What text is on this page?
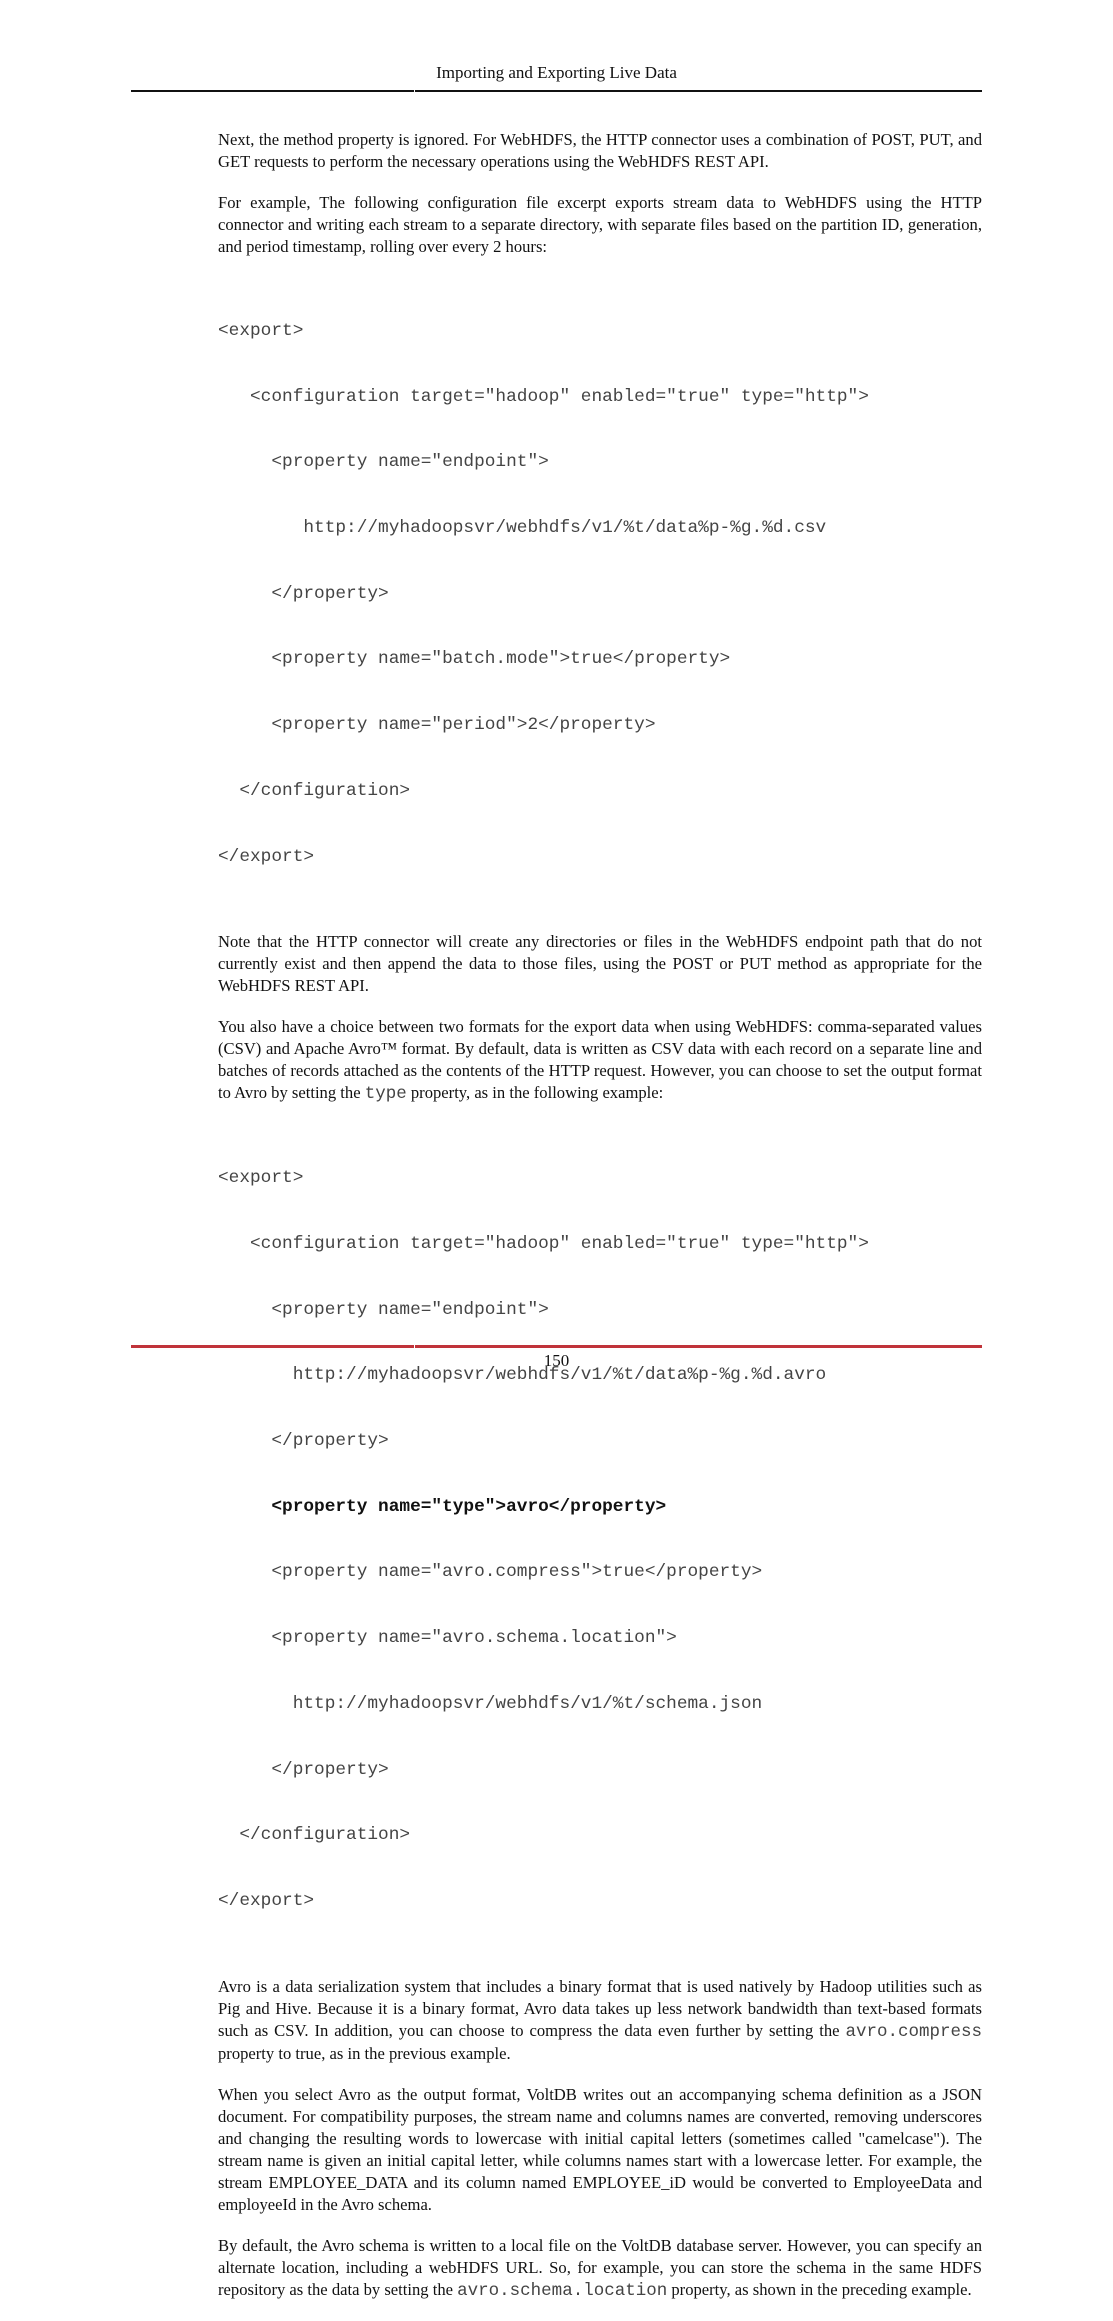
Importing and Exporting Live Data

Next, the method property is ignored. For WebHDFS, the HTTP connector uses a combination of POST, PUT, and GET requests to perform the necessary operations using the WebHDFS REST API.

For example, The following configuration file excerpt exports stream data to WebHDFS using the HTTP connector and writing each stream to a separate directory, with separate files based on the partition ID, generation, and period timestamp, rolling over every 2 hours:

<export>

<configuration target="hadoop" enabled="true" type="http">

<property name="endpoint">

http://myhadoopsvr/webhdfs/v1/%t/data%p-%g.%d.csv

</property>

<property name="batch.mode">true</property>

<property name="period">2</property>

</configuration>

</export>

Note that the HTTP connector will create any directories or files in the WebHDFS endpoint path that do not currently exist and then append the data to those files, using the POST or PUT method as appropriate for the WebHDFS REST API.

You also have a choice between two formats for the export data when using WebHDFS: comma-separated values (CSV) and Apache Avro™ format. By default, data is written as CSV data with each record on a separate line and batches of records attached as the contents of the HTTP request. However, you can choose to set the output format to Avro by setting the type property, as in the following example:

<export>

<configuration target="hadoop" enabled="true" type="http">

<property name="endpoint">

http://myhadoopsvr/webhdfs/v1/%t/data%p-%g.%d.avro

</property>

<property name="type">avro</property>

<property name="avro.compress">true</property>

<property name="avro.schema.location">

http://myhadoopsvr/webhdfs/v1/%t/schema.json

</property>

</configuration>

</export>

Avro is a data serialization system that includes a binary format that is used natively by Hadoop utilities such as Pig and Hive. Because it is a binary format, Avro data takes up less network bandwidth than text-based formats such as CSV. In addition, you can choose to compress the data even further by setting the avro.compress property to true, as in the previous example.

When you select Avro as the output format, VoltDB writes out an accompanying schema definition as a JSON document. For compatibility purposes, the stream name and columns names are converted, removing underscores and changing the resulting words to lowercase with initial capital letters (sometimes called "camelcase"). The stream name is given an initial capital letter, while columns names start with a lowercase letter. For example, the stream EMPLOYEE_DATA and its column named EMPLOYEE_iD would be converted to EmployeeData and employeeId in the Avro schema.

By default, the Avro schema is written to a local file on the VoltDB database server. However, you can specify an alternate location, including a webHDFS URL. So, for example, you can store the schema in the same HDFS repository as the data by setting the avro.schema.location property, as shown in the preceding example.

150
